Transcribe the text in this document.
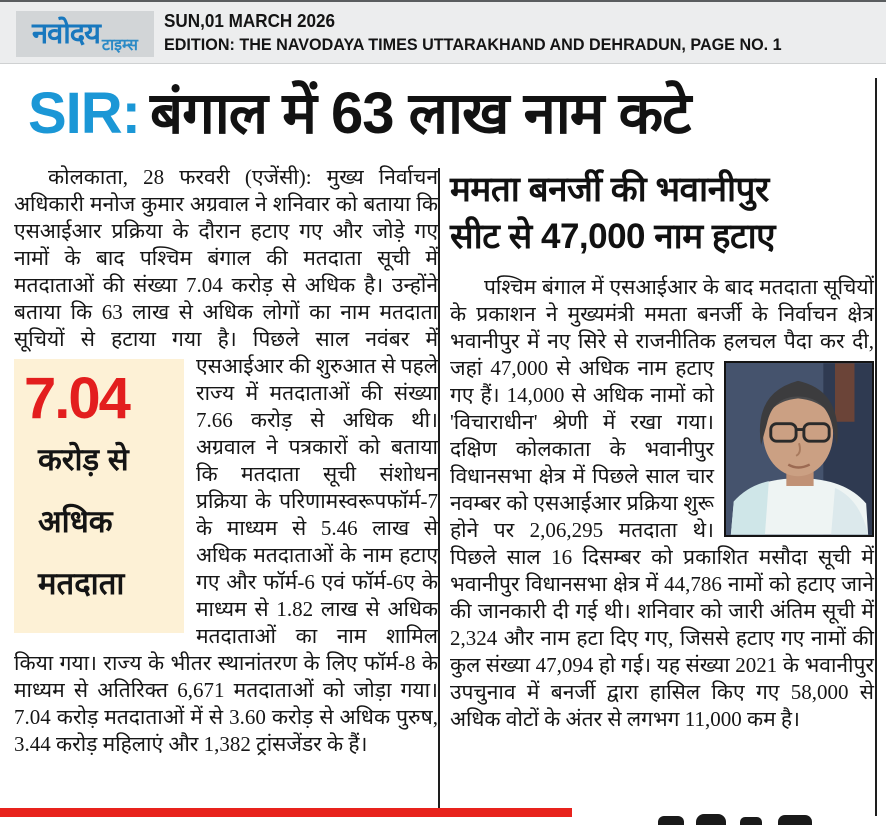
नवोदय टाइम्स
SUN,01 MARCH 2026
EDITION: THE NAVODAYA TIMES UTTARAKHAND AND DEHRADUN, PAGE NO. 1
SIR: बंगाल में 63 लाख नाम कटे

कोलकाता, 28 फरवरी (एजेंसी): मुख्य निर्वाचन अधिकारी मनोज कुमार अग्रवाल ने शनिवार को बताया कि एसआईआर प्रक्रिया के दौरान हटाए गए और जोड़े गए नामों के बाद पश्चिम बंगाल की मतदाता सूची में मतदाताओं की संख्या 7.04 करोड़ से अधिक है। उन्होंने बताया कि 63 लाख से अधिक लोगों का नाम मतदाता सूचियों से हटाया गया है। पिछले साल नवंबर में एसआईआर की शुरुआत से
7.04
करोड़ से
अधिक
मतदाता
पहले राज्य में मतदाताओं की संख्या 7.66 करोड़ से अधिक थी। अग्रवाल ने पत्रकारों को बताया कि मतदाता सूची संशोधन प्रक्रिया के परिणामस्वरूपफॉर्म-7 के माध्यम से 5.46 लाख से अधिक मतदाताओं के नाम हटाए गए और फॉर्म-6 एवं फॉर्म-6ए के माध्यम से 1.82 लाख से अधिक मतदाताओं का नाम शामिल किया गया। राज्य के भीतर स्थानांतरण के लिए फॉर्म-8 के माध्यम से अतिरिक्त 6,671 मतदाताओं को जोड़ा गया। 7.04 करोड़ मतदाताओं में से 3.60 करोड़ से अधिक पुरुष, 3.44 करोड़ महिलाएं और 1,382 ट्रांसजेंडर के हैं।

ममता बनर्जी की भवानीपुर
सीट से 47,000 नाम हटाए

पश्चिम बंगाल में एसआईआर के बाद मतदाता सूचियों के प्रकाशन ने मुख्यमंत्री ममता बनर्जी के निर्वाचन क्षेत्र भवानीपुर में नए सिरे से राजनीतिक हलचल पैदा कर दी,
जहां 47,000 से अधिक नाम हटाए गए हैं। 14,000 से अधिक नामों को 'विचाराधीन' श्रेणी में रखा गया। दक्षिण कोलकाता के भवानीपुर विधानसभा क्षेत्र में पिछले साल चार नवम्बर को एसआईआर प्रक्रिया शुरू होने पर 2,06,295 मतदाता थे। पिछले साल 16 दिसम्बर को प्रकाशित मसौदा सूची में भवानीपुर विधानसभा क्षेत्र में 44,786 नामों को हटाए जाने की जानकारी दी गई थी। शनिवार को जारी अंतिम सूची में 2,324 और नाम हटा दिए गए, जिससे हटाए गए नामों की कुल संख्या 47,094 हो गई। यह संख्या 2021 के भवानीपुर उपचुनाव में बनर्जी द्वारा हासिल किए गए 58,000 से अधिक वोटों के अंतर से लगभग 11,000 कम है।
